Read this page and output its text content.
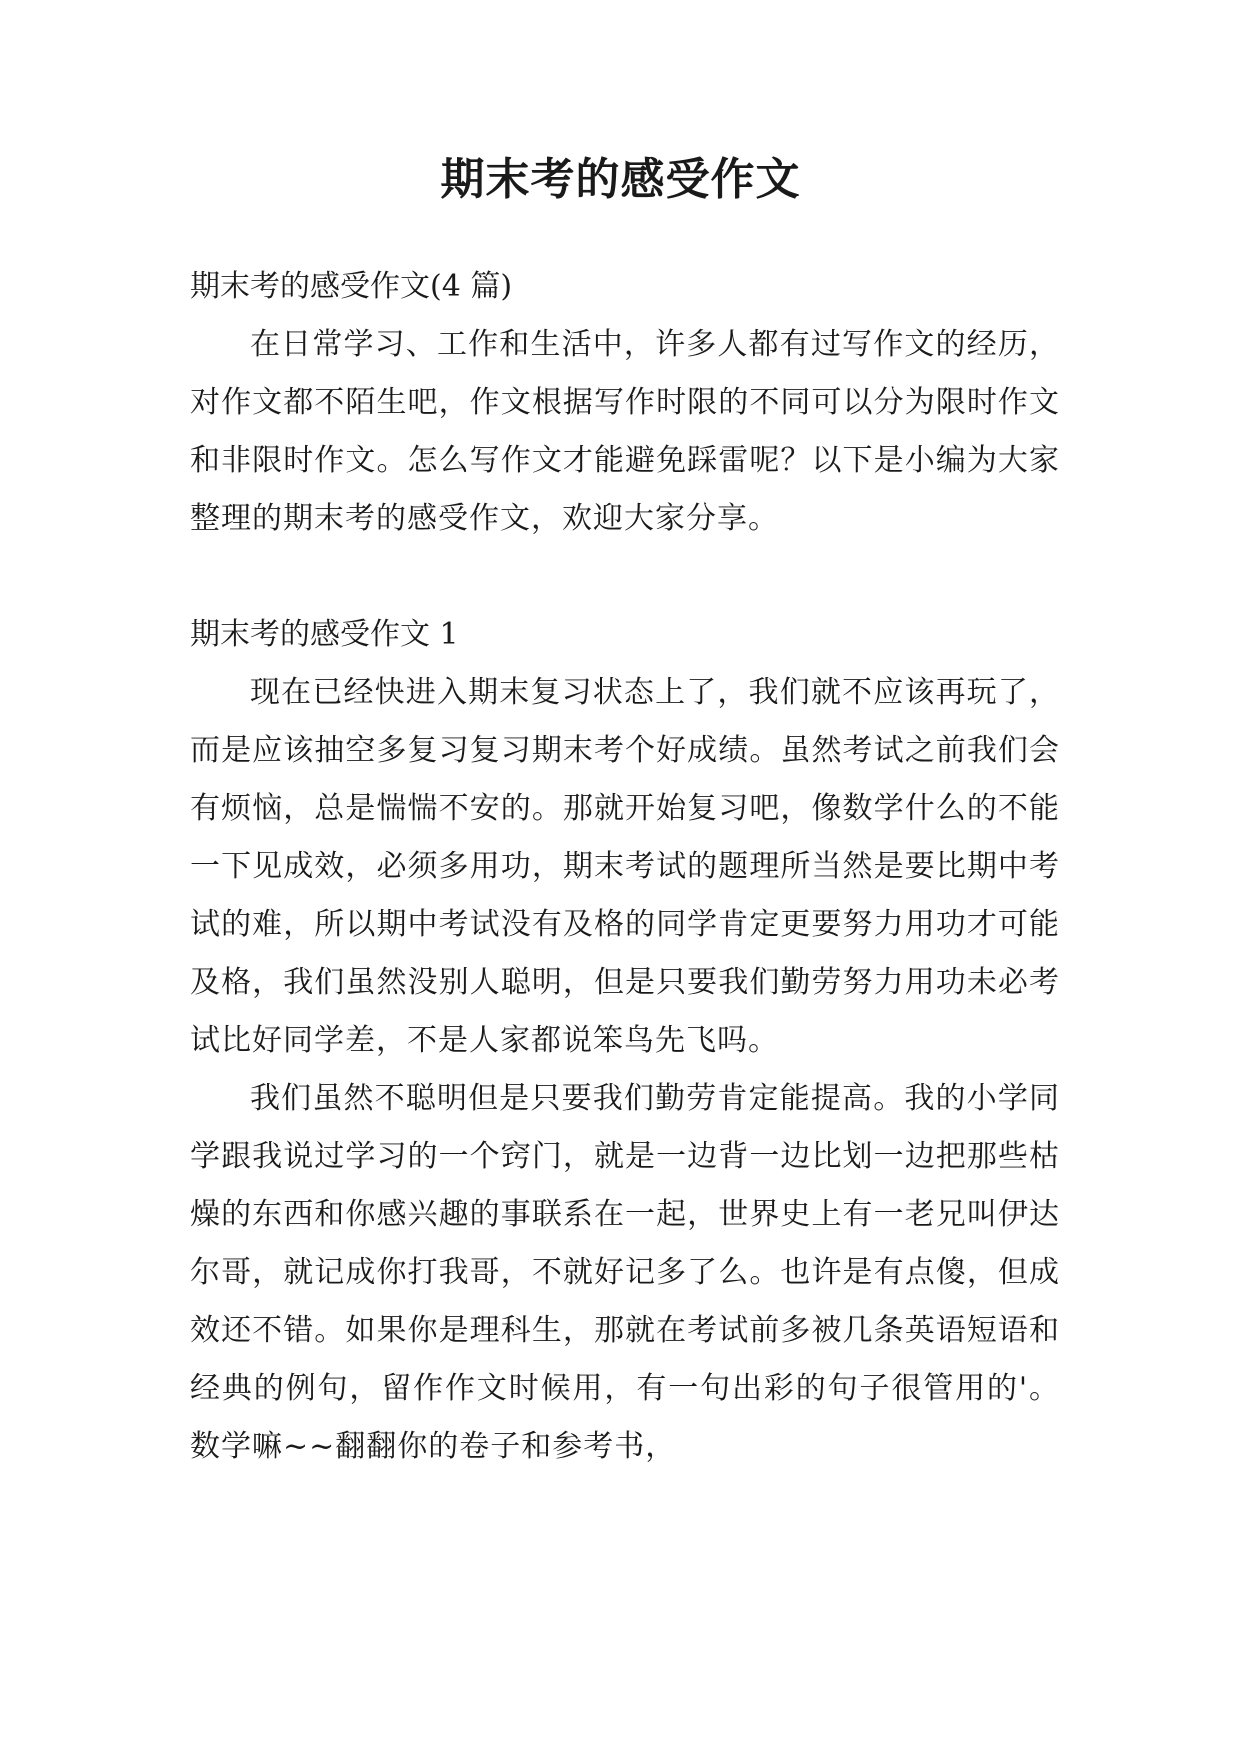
期末考的感受作文

期末考的感受作文(4 篇)

在日常学习、工作和生活中，许多人都有过写作文的经历，对作文都不陌生吧，作文根据写作时限的不同可以分为限时作文和非限时作文。怎么写作文才能避免踩雷呢？以下是小编为大家整理的期末考的感受作文，欢迎大家分享。

期末考的感受作文 1

现在已经快进入期末复习状态上了，我们就不应该再玩了，而是应该抽空多复习复习期末考个好成绩。虽然考试之前我们会有烦恼，总是惴惴不安的。那就开始复习吧，像数学什么的不能一下见成效，必须多用功，期末考试的题理所当然是要比期中考试的难，所以期中考试没有及格的同学肯定更要努力用功才可能及格，我们虽然没别人聪明，但是只要我们勤劳努力用功未必考试比好同学差，不是人家都说笨鸟先飞吗。

我们虽然不聪明但是只要我们勤劳肯定能提高。我的小学同学跟我说过学习的一个窍门，就是一边背一边比划一边把那些枯燥的东西和你感兴趣的事联系在一起，世界史上有一老兄叫伊达尔哥，就记成你打我哥，不就好记多了么。也许是有点傻，但成效还不错。如果你是理科生，那就在考试前多被几条英语短语和经典的例句，留作作文时候用，有一句出彩的句子很管用的'。数学嘛~~翻翻你的卷子和参考书，
